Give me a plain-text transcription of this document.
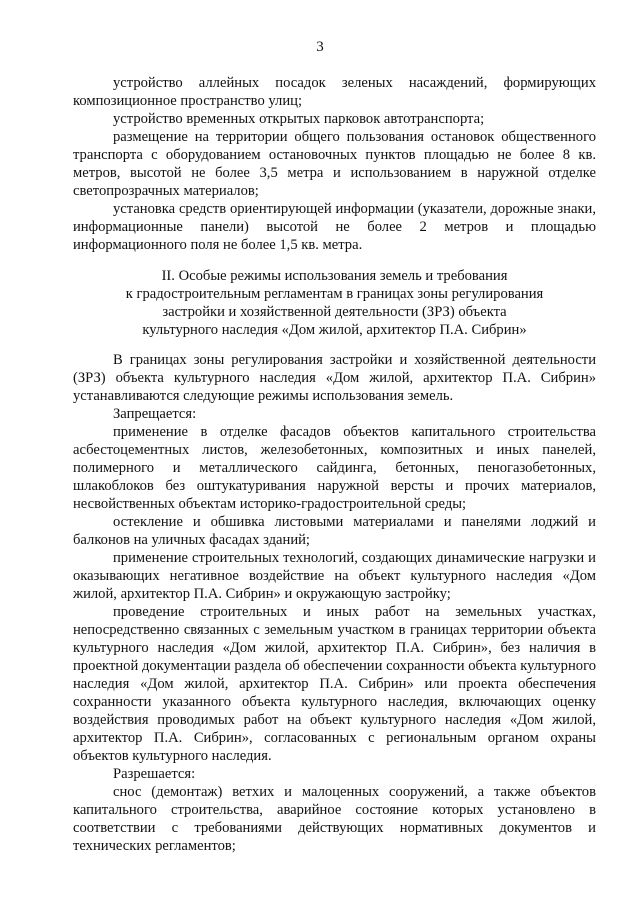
3

устройство аллейных посадок зеленых насаждений, формирующих композиционное пространство улиц;

устройство временных открытых парковок автотранспорта;

размещение на территории общего пользования остановок общественного транспорта с оборудованием остановочных пунктов площадью не более 8 кв. метров, высотой не более 3,5 метра и использованием в наружной отделке светопрозрачных материалов;

установка средств ориентирующей информации (указатели, дорожные знаки, информационные панели) высотой не более 2 метров и площадью информационного поля не более 1,5 кв. метра.

II. Особые режимы использования земель и требования
к градостроительным регламентам в границах зоны регулирования
застройки и хозяйственной деятельности (ЗРЗ) объекта
культурного наследия «Дом жилой, архитектор П.А. Сибрин»

В границах зоны регулирования застройки и хозяйственной деятельности (ЗРЗ) объекта культурного наследия «Дом жилой, архитектор П.А. Сибрин» устанавливаются следующие режимы использования земель.

Запрещается:

применение в отделке фасадов объектов капитального строительства асбестоцементных листов, железобетонных, композитных и иных панелей, полимерного и металлического сайдинга, бетонных, пеногазобетонных, шлакоблоков без оштукатуривания наружной версты и прочих материалов, несвойственных объектам историко-градостроительной среды;

остекление и обшивка листовыми материалами и панелями лоджий и балконов на уличных фасадах зданий;

применение строительных технологий, создающих динамические нагрузки и оказывающих негативное воздействие на объект культурного наследия «Дом жилой, архитектор П.А. Сибрин» и окружающую застройку;

проведение строительных и иных работ на земельных участках, непосредственно связанных с земельным участком в границах территории объекта культурного наследия «Дом жилой, архитектор П.А. Сибрин», без наличия в проектной документации раздела об обеспечении сохранности объекта культурного наследия «Дом жилой, архитектор П.А. Сибрин» или проекта обеспечения сохранности указанного объекта культурного наследия, включающих оценку воздействия проводимых работ на объект культурного наследия «Дом жилой, архитектор П.А. Сибрин», согласованных с региональным органом охраны объектов культурного наследия.

Разрешается:

снос (демонтаж) ветхих и малоценных сооружений, а также объектов капитального строительства, аварийное состояние которых установлено в соответствии с требованиями действующих нормативных документов и технических регламентов;
